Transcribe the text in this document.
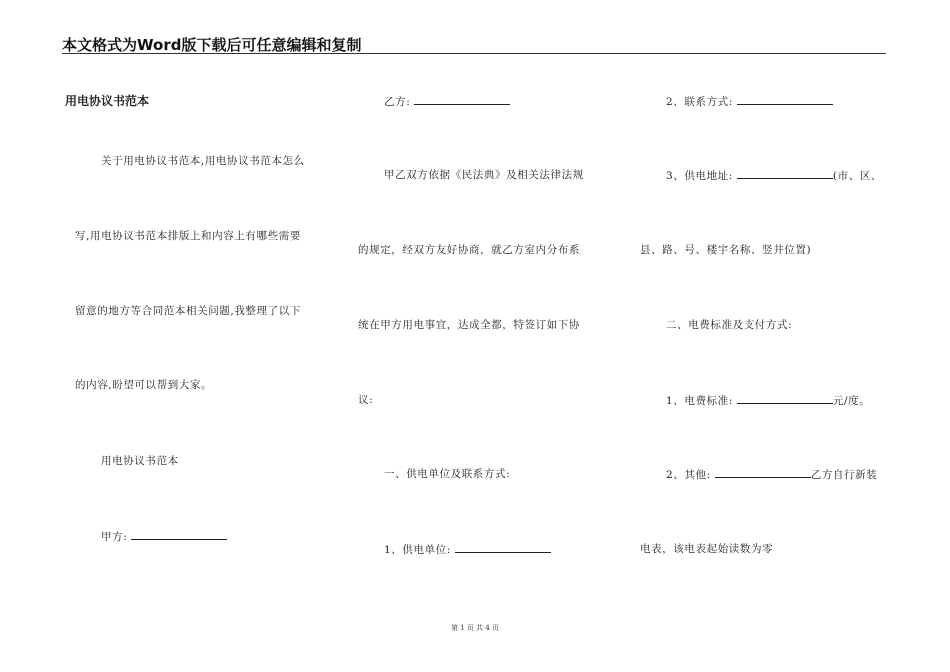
本文格式为Word版下载后可任意编辑和复制
用电协议书范本
关于用电协议书范本,用电协议书范本怎么
写,用电协议书范本排版上和内容上有哪些需要
留意的地方等合同范本相关问题,我整理了以下
的内容,盼望可以帮到大家。
用电协议书范本
甲方:
乙方:
甲乙双方依据《民法典》及相关法律法规
的规定，经双方友好协商，就乙方室内分布系
统在甲方用电事宜，达成全都，特签订如下协
议:
一、供电单位及联系方式:
1、供电单位:
2、联系方式:
3、供电地址:	(市、区、
县、路、号、楼宇名称、竖井位置)
二、电费标准及支付方式:
1、电费标准:	元/度。
2、其他:	乙方自行新装
电表，该电表起始读数为零
第 1 页 共 4 页
